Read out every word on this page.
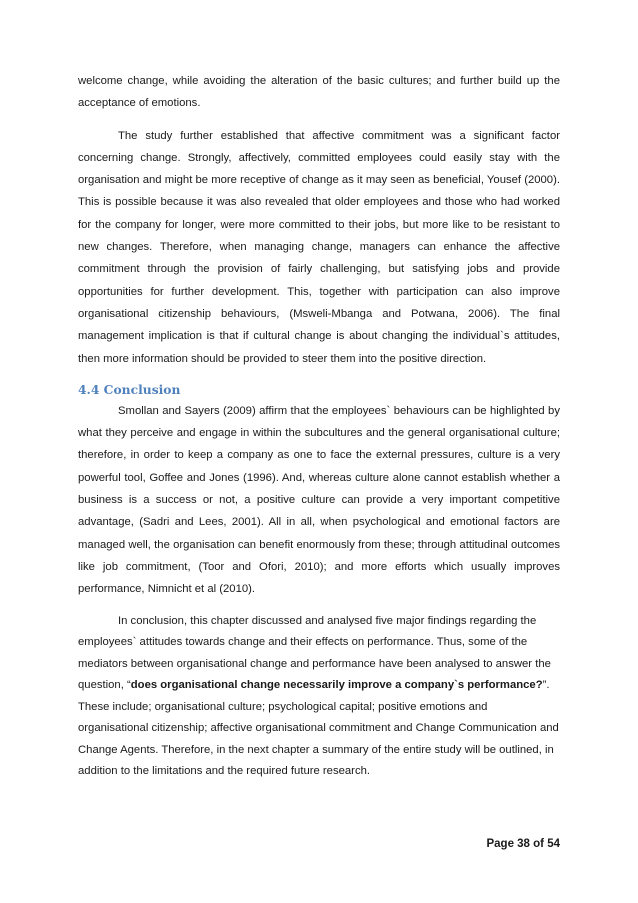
welcome change, while avoiding the alteration of the basic cultures; and further build up the acceptance of emotions.

The study further established that affective commitment was a significant factor concerning change. Strongly, affectively, committed employees could easily stay with the organisation and might be more receptive of change as it may seen as beneficial, Yousef (2000). This is possible because it was also revealed that older employees and those who had worked for the company for longer, were more committed to their jobs, but more like to be resistant to new changes. Therefore, when managing change, managers can enhance the affective commitment through the provision of fairly challenging, but satisfying jobs and provide opportunities for further development. This, together with participation can also improve organisational citizenship behaviours, (Msweli-Mbanga and Potwana, 2006). The final management implication is that if cultural change is about changing the individual`s attitudes, then more information should be provided to steer them into the positive direction.

4.4 Conclusion

Smollan and Sayers (2009) affirm that the employees` behaviours can be highlighted by what they perceive and engage in within the subcultures and the general organisational culture; therefore, in order to keep a company as one to face the external pressures, culture is a very powerful tool, Goffee and Jones (1996). And, whereas culture alone cannot establish whether a business is a success or not, a positive culture can provide a very important competitive advantage, (Sadri and Lees, 2001). All in all, when psychological and emotional factors are managed well, the organisation can benefit enormously from these; through attitudinal outcomes like job commitment, (Toor and Ofori, 2010); and more efforts which usually improves performance, Nimnicht et al (2010).

In conclusion, this chapter discussed and analysed five major findings regarding the employees` attitudes towards change and their effects on performance. Thus, some of the mediators between organisational change and performance have been analysed to answer the question, “does organisational change necessarily improve a company`s performance?”. These include; organisational culture; psychological capital; positive emotions and organisational citizenship; affective organisational commitment and Change Communication and Change Agents. Therefore, in the next chapter a summary of the entire study will be outlined, in addition to the limitations and the required future research.

Page 38 of 54
